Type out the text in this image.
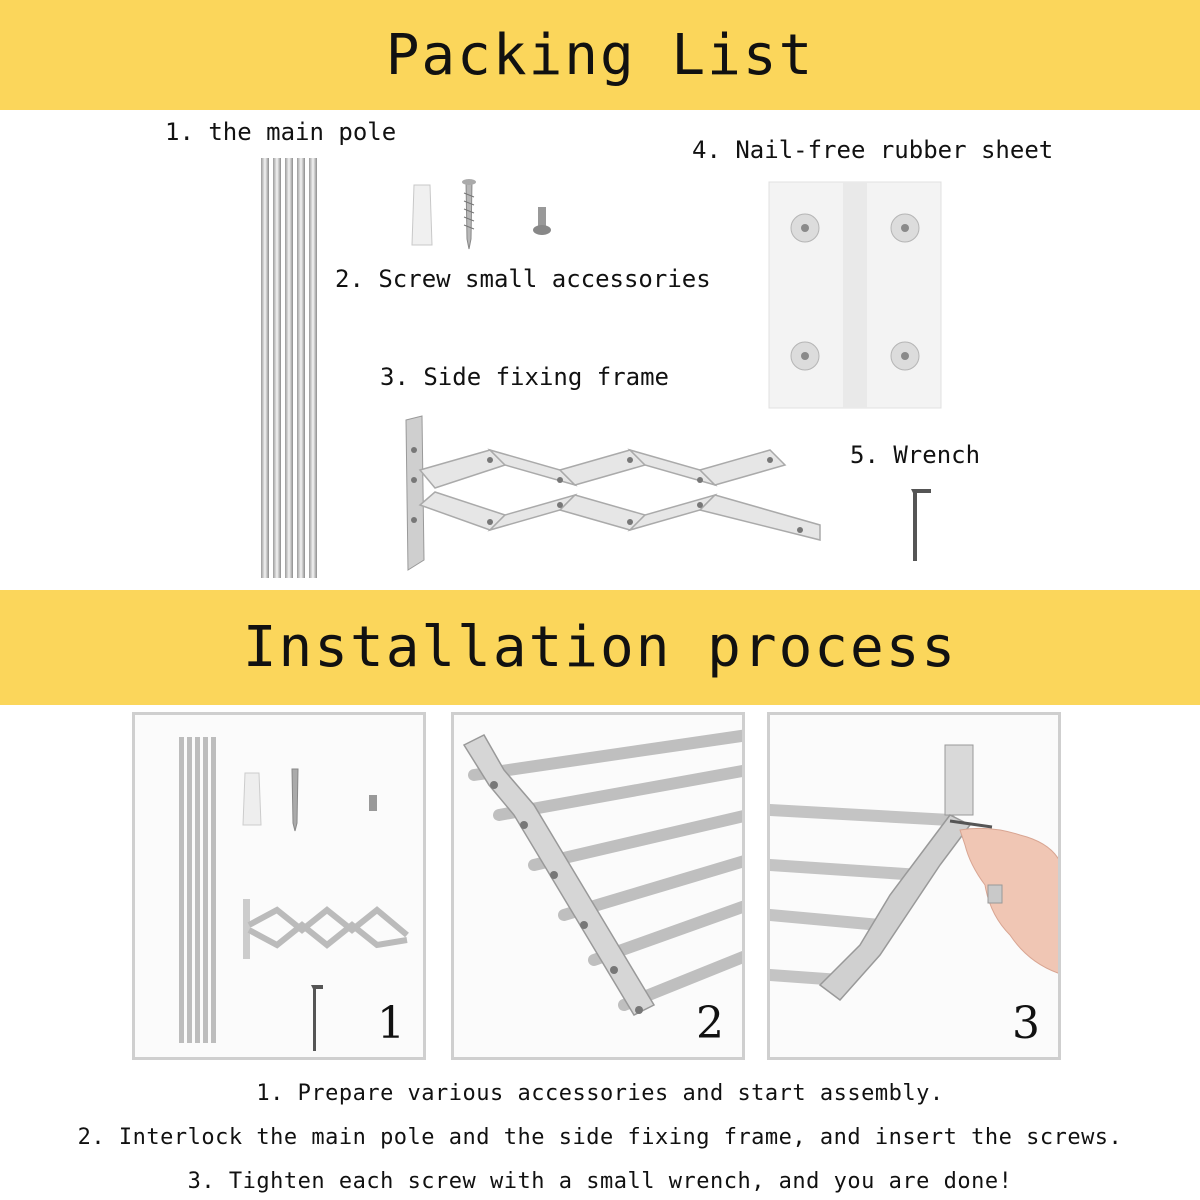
Packing List
1. the main pole
2. Screw small accessories
3. Side fixing frame
4. Nail-free rubber sheet
5. Wrench
Installation process
1	2	3
1. Prepare various accessories and start assembly.
2. Interlock the main pole and the side fixing frame, and insert the screws.
3. Tighten each screw with a small wrench, and you are done!
